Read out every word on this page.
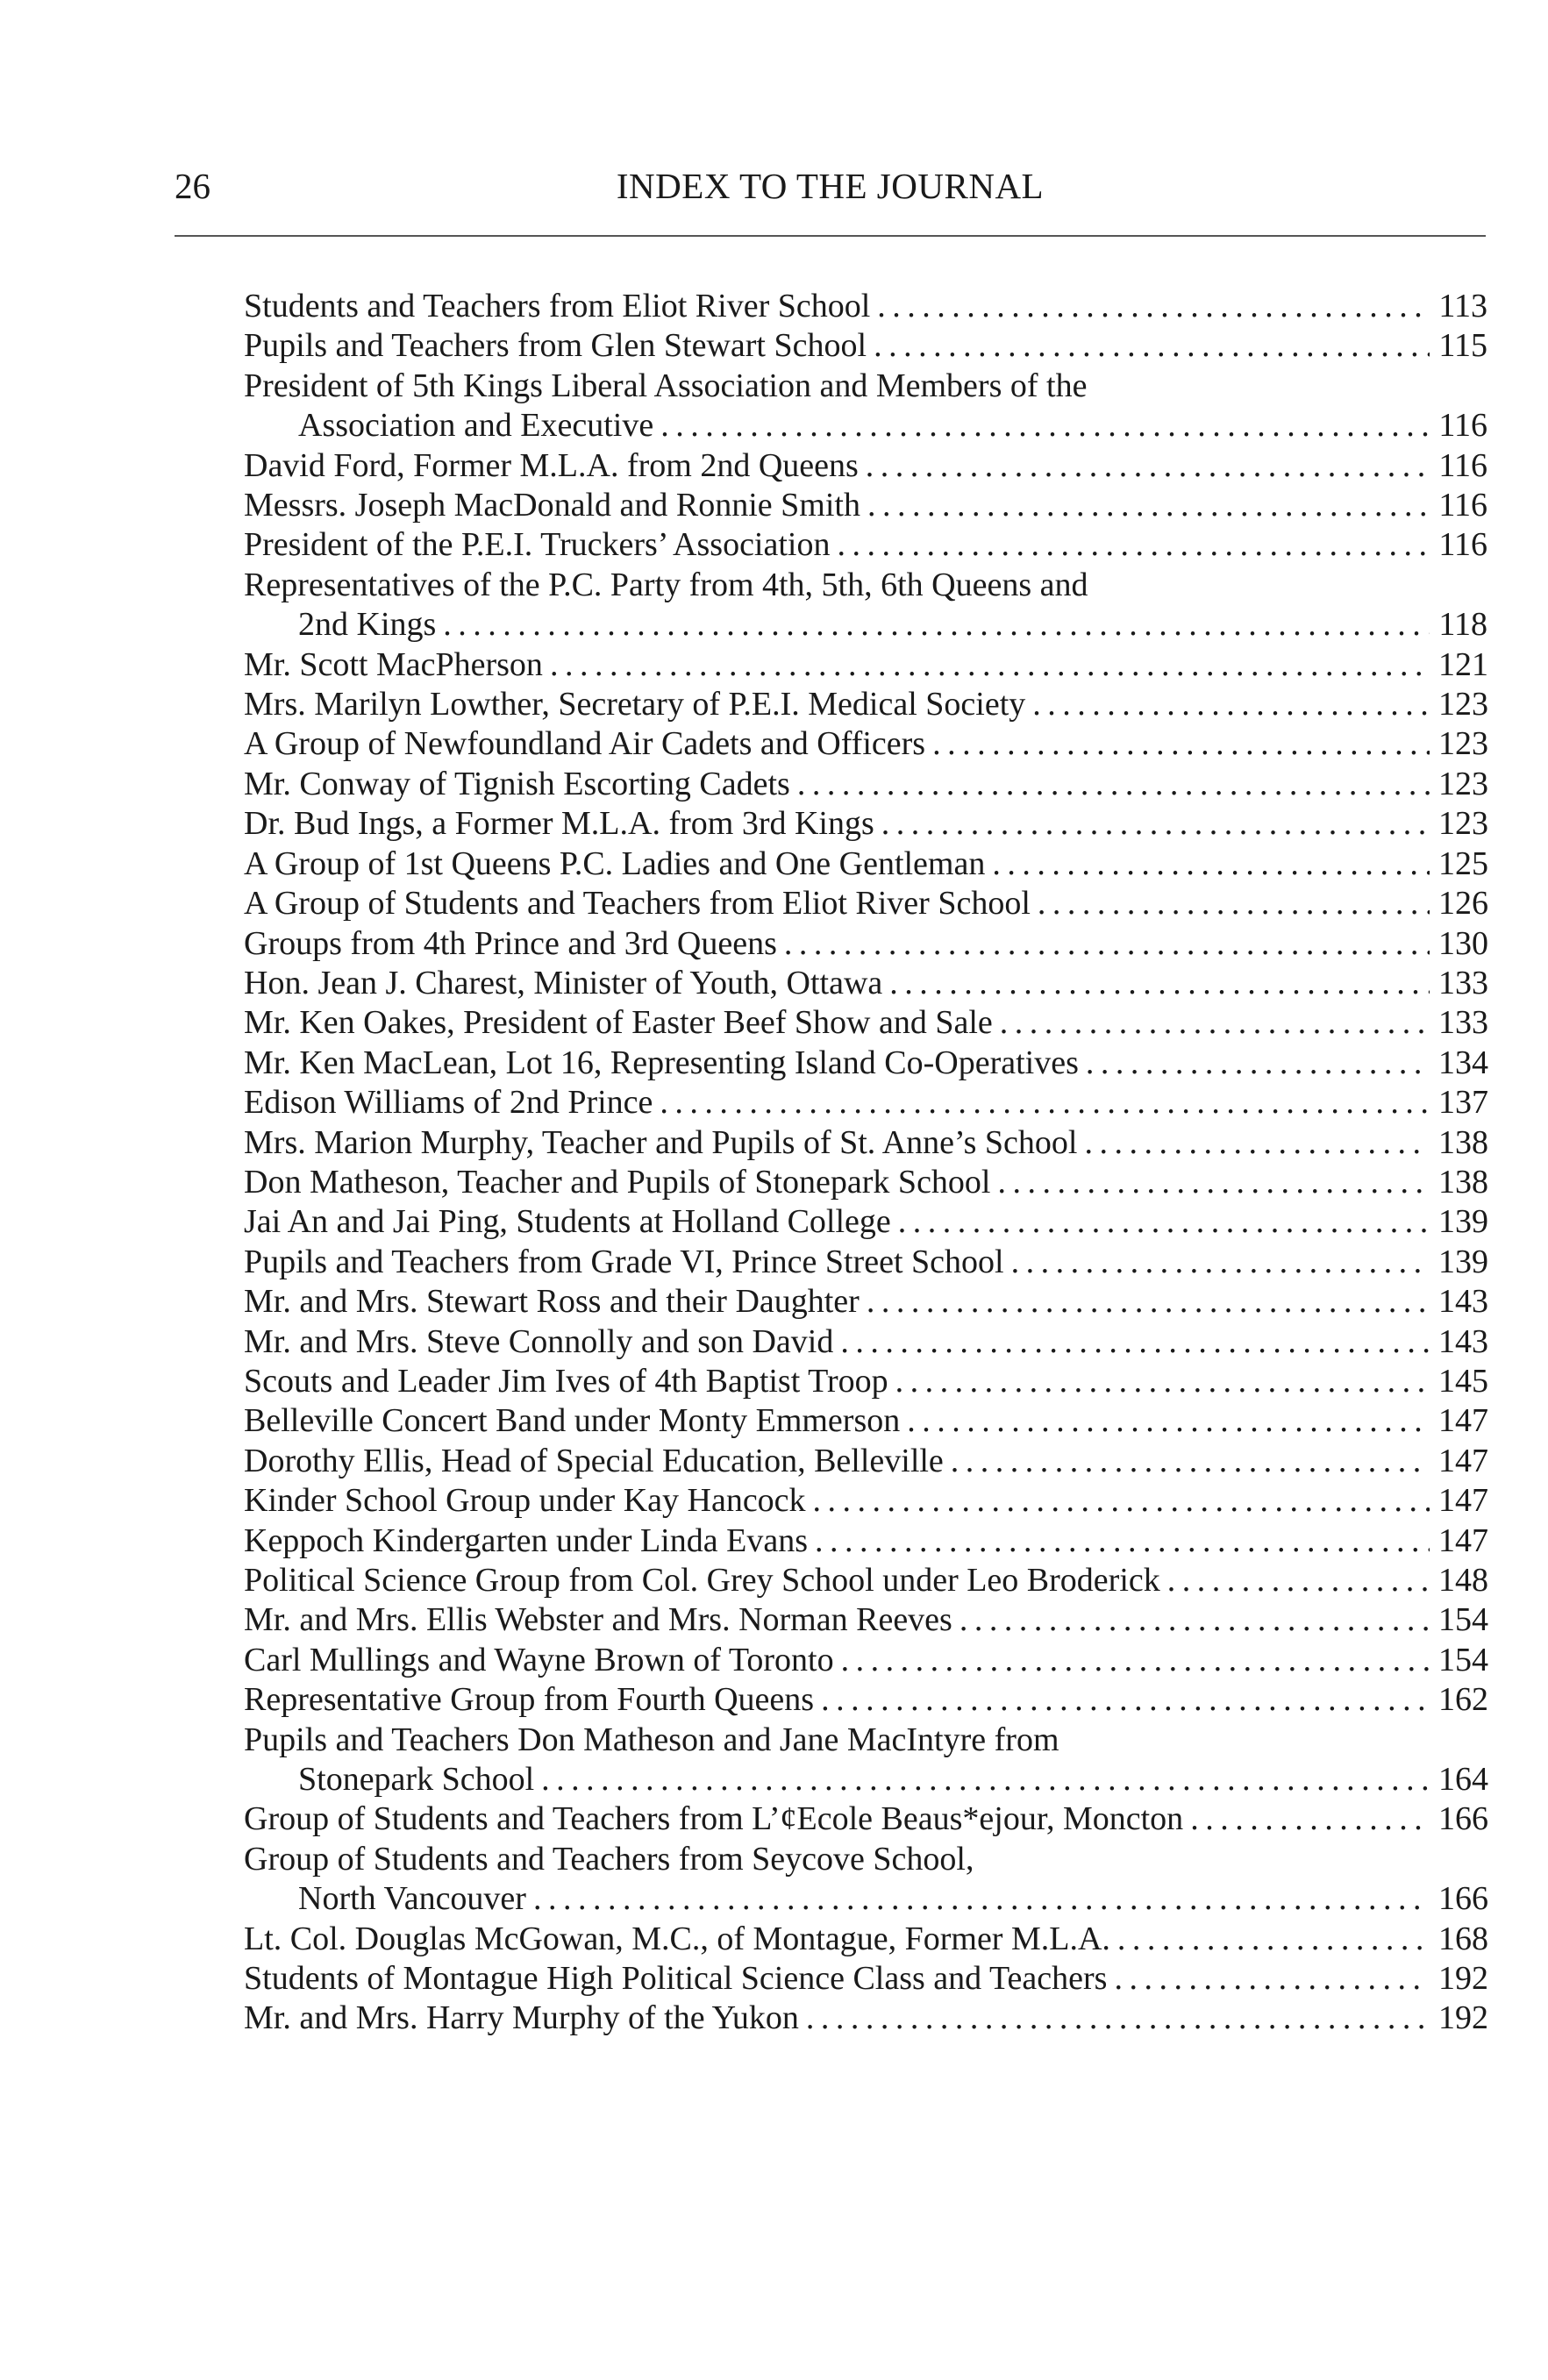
26	INDEX TO THE JOURNAL
Students and Teachers from Eliot River School . . .	113
Pupils and Teachers from Glen Stewart School . . .	115
President of 5th Kings Liberal Association and Members of the
Association and Executive . . .	116
David Ford, Former M.L.A. from 2nd Queens . . .	116
Messrs. Joseph MacDonald and Ronnie Smith . . .	116
President of the P.E.I. Truckers’ Association . . .	116
Representatives of the P.C. Party from 4th, 5th, 6th Queens and
2nd Kings . . .	118
Mr. Scott MacPherson . . .	121
Mrs. Marilyn Lowther, Secretary of P.E.I. Medical Society . . .	123
A Group of Newfoundland Air Cadets and Officers . . .	123
Mr. Conway of Tignish Escorting Cadets . . .	123
Dr. Bud Ings, a Former M.L.A. from 3rd Kings . . .	123
A Group of 1st Queens P.C. Ladies and One Gentleman . . .	125
A Group of Students and Teachers from Eliot River School . . .	126
Groups from 4th Prince and 3rd Queens . . .	130
Hon. Jean J. Charest, Minister of Youth, Ottawa . . .	133
Mr. Ken Oakes, President of Easter Beef Show and Sale . . .	133
Mr. Ken MacLean, Lot 16, Representing Island Co-Operatives . . .	134
Edison Williams of 2nd Prince . . .	137
Mrs. Marion Murphy, Teacher and Pupils of St. Anne’s School . . .	138
Don Matheson, Teacher and Pupils of Stonepark School . . .	138
Jai An and Jai Ping, Students at Holland College . . .	139
Pupils and Teachers from Grade VI, Prince Street School . . .	139
Mr. and Mrs. Stewart Ross and their Daughter . . .	143
Mr. and Mrs. Steve Connolly and son David . . .	143
Scouts and Leader Jim Ives of 4th Baptist Troop . . .	145
Belleville Concert Band under Monty Emmerson . . .	147
Dorothy Ellis, Head of Special Education, Belleville . . .	147
Kinder School Group under Kay Hancock . . .	147
Keppoch Kindergarten under Linda Evans . . .	147
Political Science Group from Col. Grey School under Leo Broderick . . .	148
Mr. and Mrs. Ellis Webster and Mrs. Norman Reeves . . .	154
Carl Mullings and Wayne Brown of Toronto . . .	154
Representative Group from Fourth Queens . . .	162
Pupils and Teachers Don Matheson and Jane MacIntyre from
Stonepark School . . .	164
Group of Students and Teachers from L’¢Ecole Beaus*ejour, Moncton . . .	166
Group of Students and Teachers from Seycove School,
North Vancouver . . .	166
Lt. Col. Douglas McGowan, M.C., of Montague, Former M.L.A. . . .	168
Students of Montague High Political Science Class and Teachers . . .	192
Mr. and Mrs. Harry Murphy of the Yukon . . .	192
